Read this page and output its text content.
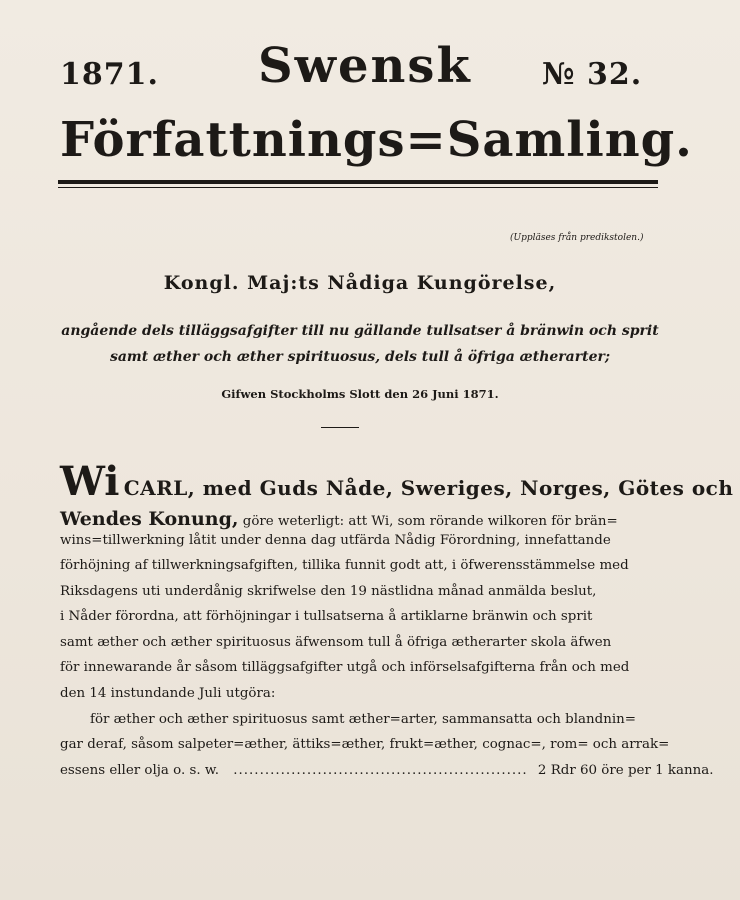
1871. Swensk № 32.
Författnings=Samling.
(Uppläses från predikstolen.)
Kongl. Maj:ts Nådiga Kungörelse,
angående dels tilläggsafgifter till nu gällande tullsatser å bränwin och sprit
samt æther och æther spirituosus, dels tull å öfriga ætherarter;
Gifwen Stockholms Slott den 26 Juni 1871.
Wi CARL, med Guds Nåde, Sweriges, Norges, Götes och
Wendes Konung, göre weterligt: att Wi, som rörande wilkoren för brän=
wins=tillwerkning låtit under denna dag utfärda Nådig Förordning, innefattande
förhöjning af tillwerkningsafgiften, tillika funnit godt att, i öfwerensstämmelse med
Riksdagens uti underdånig skrifwelse den 19 nästlidna månad anmälda beslut,
i Nåder förordna, att förhöjningar i tullsatserna å artiklarne bränwin och sprit
samt æther och æther spirituosus äfwensom tull å öfriga ætherarter skola äfwen
för innewarande år såsom tilläggsafgifter utgå och införselsafgifterna från och med
den 14 instundande Juli utgöra:
för æther och æther spirituosus samt æther=arter, sammansatta och blandnin=
gar deraf, såsom salpeter=æther, ättiks=æther, frukt=æther, cognac=, rom= och arrak=
essens eller olja o. s. w. ........................................................ 2 Rdr 60 öre per 1 kanna.
